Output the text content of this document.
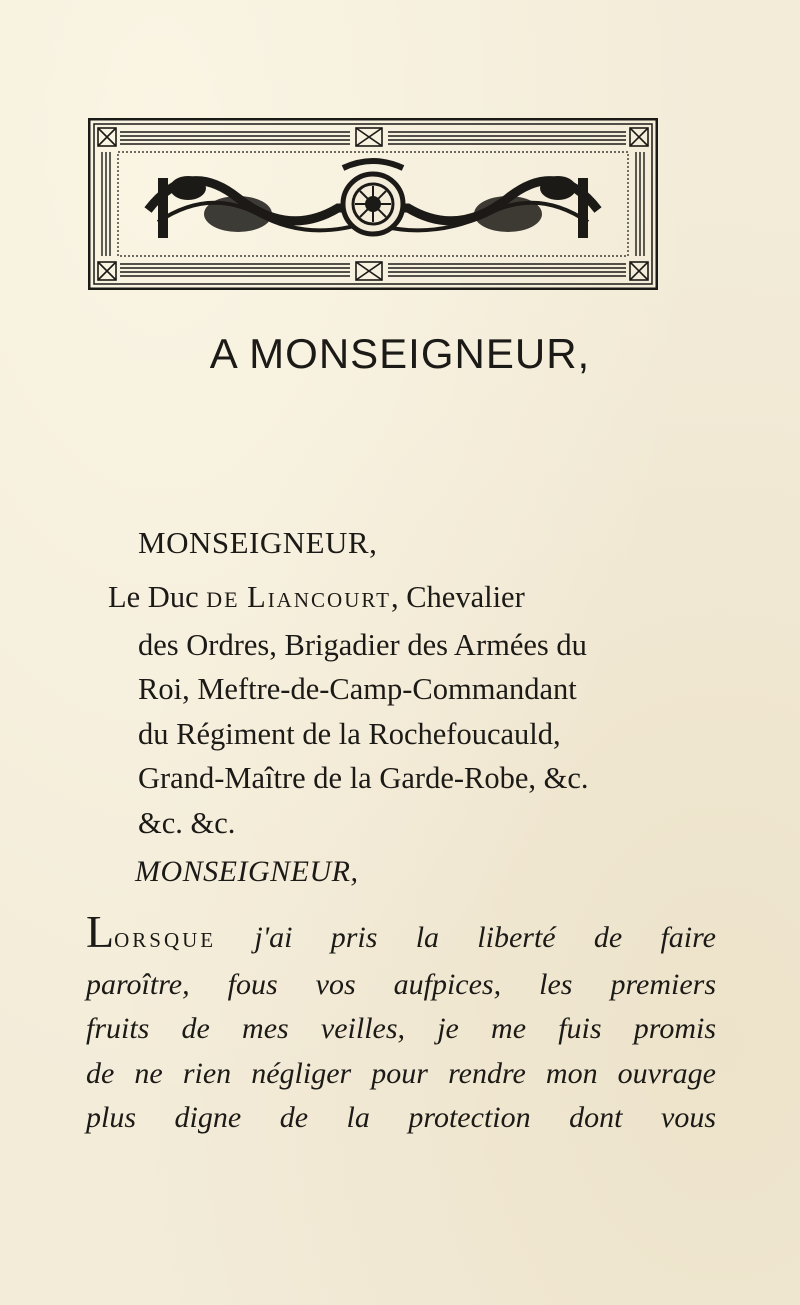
A MONSEIGNEUR,
MONSEIGNEUR,
Le Duc DE Liancourt, Chevalier
des Ordres, Brigadier des Armées du
Roi, Meftre-de-Camp-Commandant
du Régiment de la Rochefoucauld,
Grand-Maître de la Garde-Robe, &c.
&c. &c.
MONSEIGNEUR,
LORSQUE j'ai pris la liberté de faire
paroître, fous vos aufpices, les premiers
fruits de mes veilles, je me fuis promis
de ne rien négliger pour rendre mon ouvrage
plus digne de la protection dont vous
